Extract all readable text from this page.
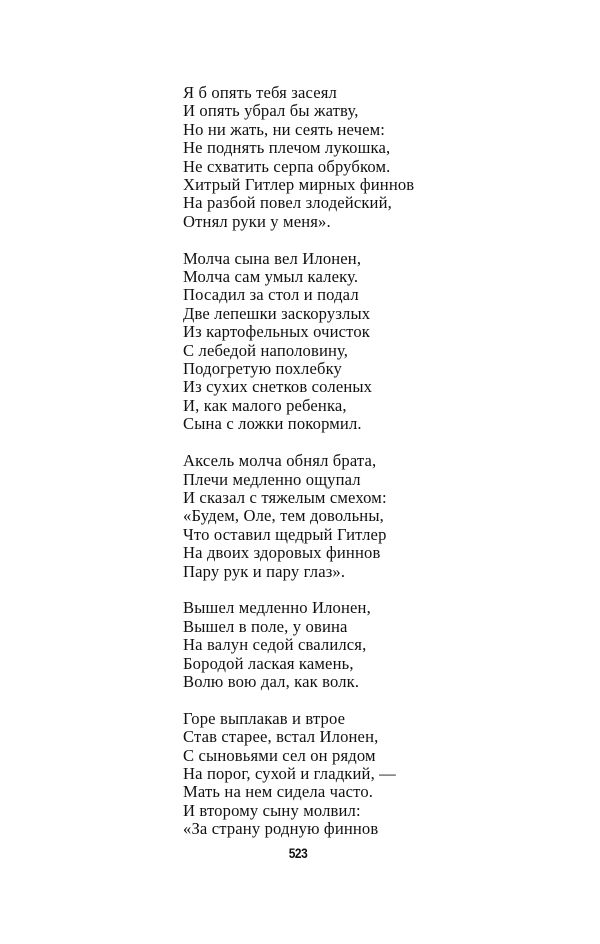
Я б опять тебя засеял
И опять убрал бы жатву,
Но ни жать, ни сеять нечем:
Не поднять плечом лукошка,
Не схватить серпа обрубком.
Хитрый Гитлер мирных финнов
На разбой повел злодейский,
Отнял руки у меня».
Молча сына вел Илонен,
Молча сам умыл калеку.
Посадил за стол и подал
Две лепешки заскорузлых
Из картофельных очисток
С лебедой наполовину,
Подогретую похлебку
Из сухих снетков соленых
И, как малого ребенка,
Сына с ложки покормил.
Аксель молча обнял брата,
Плечи медленно ощупал
И сказал с тяжелым смехом:
«Будем, Оле, тем довольны,
Что оставил щедрый Гитлер
На двоих здоровых финнов
Пару рук и пару глаз».
Вышел медленно Илонен,
Вышел в поле, у овина
На валун седой свалился,
Бородой лаская камень,
Волю вою дал, как волк.
Горе выплакав и втрое
Став старее, встал Илонен,
С сыновьями сел он рядом
На порог, сухой и гладкий, —
Мать на нем сидела часто.
И второму сыну молвил:
«За страну родную финнов
523
